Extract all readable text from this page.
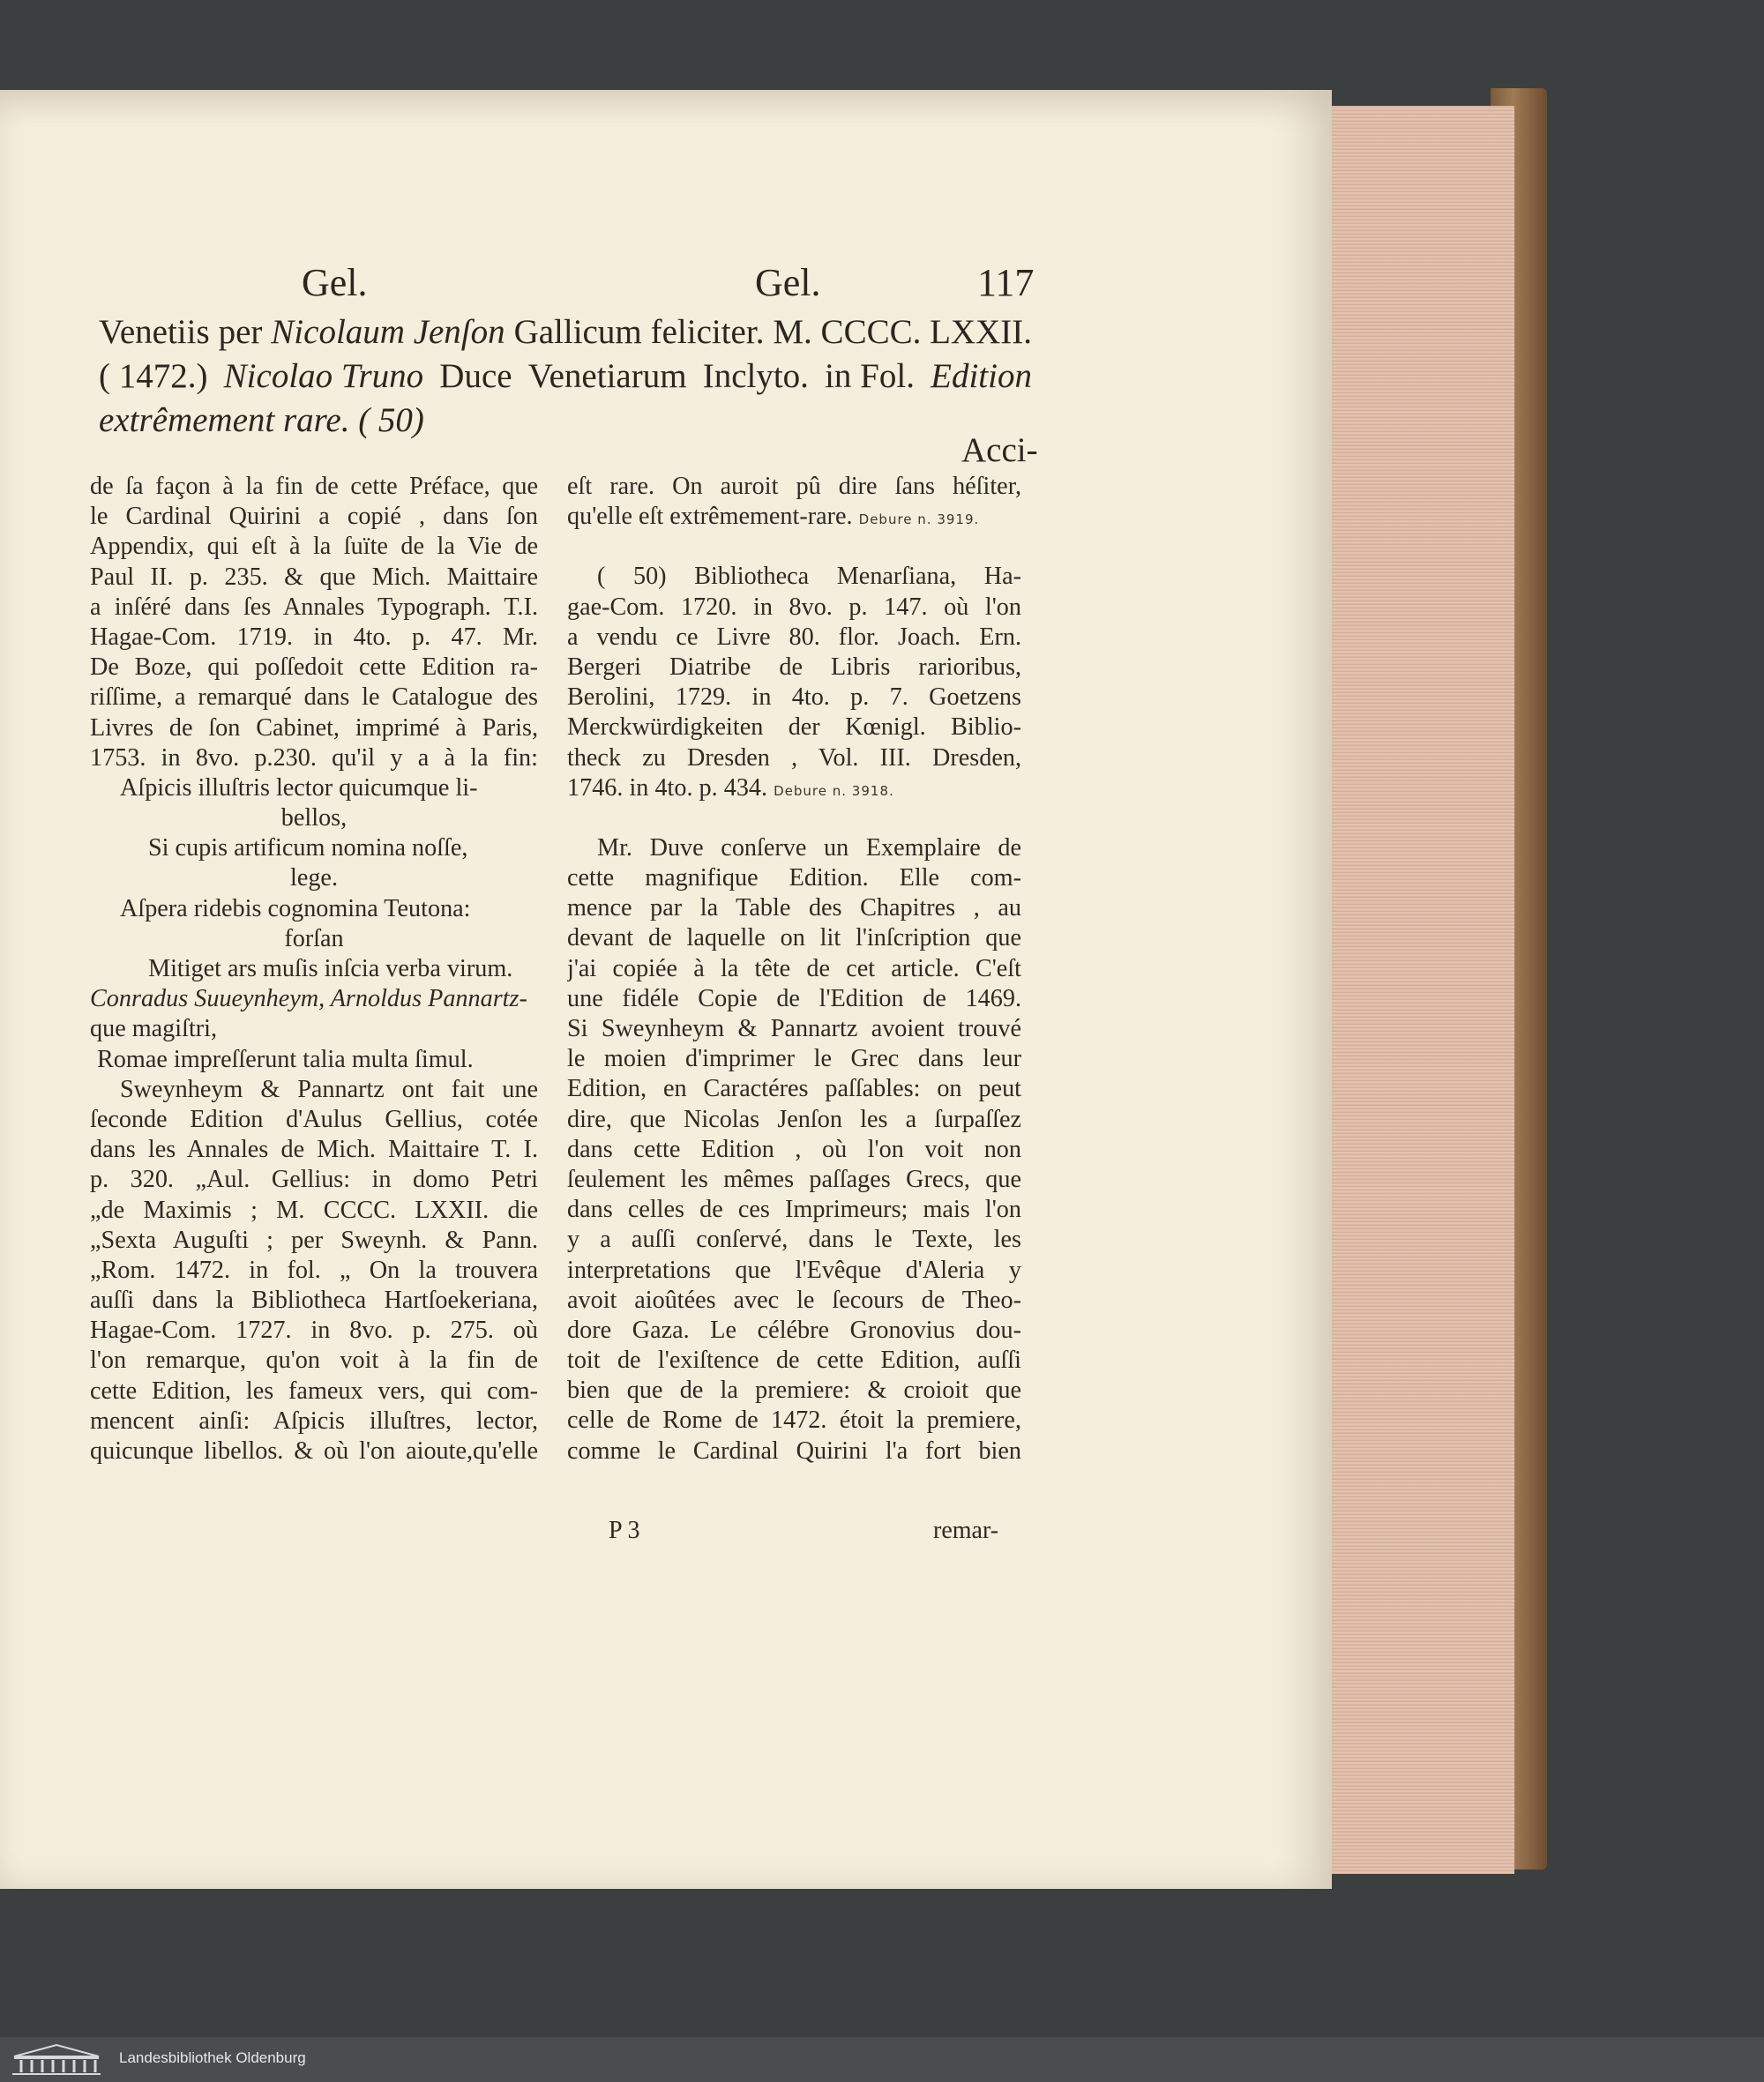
Gel.	Gel.	117
Venetiis per Nicolaum Jenſon Gallicum feliciter. M. CCCC. LXXII.
( 1472.) Nicolao Truno Duce Venetiarum Inclyto. in Fol. Edition
extrêmement rare. ( 50)
Acci-
de ſa façon à la fin de cette Préface, que
le Cardinal Quirini a copié , dans ſon
Appendix, qui eſt à la ſuïte de la Vie de
Paul II. p. 235. & que Mich. Maittaire
a inſéré dans ſes Annales Typograph. T.I.
Hagae-Com. 1719. in 4to. p. 47. Mr.
De Boze, qui poſſedoit cette Edition ra-
riſſime, a remarqué dans le Catalogue des
Livres de ſon Cabinet, imprimé à Paris,
1753. in 8vo. p.230. qu'il y a à la fin:
Aſpicis illuſtris lector quicumque li-
bellos,
Si cupis artificum nomina noſſe,
lege.
Aſpera ridebis cognomina Teutona:
forſan
Mitiget ars muſis inſcia verba virum.
Conradus Suueynheym, Arnoldus Pannartz-
que magiſtri,
Romae impreſſerunt talia multa ſimul.
Sweynheym & Pannartz ont fait une
ſeconde Edition d'Aulus Gellius, cotée
dans les Annales de Mich. Maittaire T. I.
p. 320. „Aul. Gellius: in domo Petri
„de Maximis ; M. CCCC. LXXII. die
„Sexta Auguſti ; per Sweynh. & Pann.
„Rom. 1472. in fol. „ On la trouvera
auſſi dans la Bibliotheca Hartſoekeriana,
Hagae-Com. 1727. in 8vo. p. 275. où
l'on remarque, qu'on voit à la fin de
cette Edition, les fameux vers, qui com-
mencent ainſi: Aſpicis illuſtres, lector,
quicunque libellos. & où l'on aioute,qu'elle
eſt rare. On auroit pû dire ſans héſiter,
qu'elle eſt extrêmement-rare. Debure n. 3919.
( 50) Bibliotheca Menarſiana, Ha-
gae-Com. 1720. in 8vo. p. 147. où l'on
a vendu ce Livre 80. flor. Joach. Ern.
Bergeri Diatribe de Libris rarioribus,
Berolini, 1729. in 4to. p. 7. Goetzens
Merckwürdigkeiten der Kœnigl. Biblio-
theck zu Dresden , Vol. III. Dresden,
1746. in 4to. p. 434. Debure n. 3918.
Mr. Duve conſerve un Exemplaire de
cette magnifique Edition. Elle com-
mence par la Table des Chapitres , au
devant de laquelle on lit l'inſcription que
j'ai copiée à la tête de cet article. C'eſt
une fidéle Copie de l'Edition de 1469.
Si Sweynheym & Pannartz avoient trouvé
le moien d'imprimer le Grec dans leur
Edition, en Caractéres paſſables: on peut
dire, que Nicolas Jenſon les a ſurpaſſez
dans cette Edition , où l'on voit non
ſeulement les mêmes paſſages Grecs, que
dans celles de ces Imprimeurs; mais l'on
y a auſſi conſervé, dans le Texte, les
interpretations que l'Evêque d'Aleria y
avoit aioûtées avec le ſecours de Theo-
dore Gaza. Le célébre Gronovius dou-
toit de l'exiſtence de cette Edition, auſſi
bien que de la premiere: & croioit que
celle de Rome de 1472. étoit la premiere,
comme le Cardinal Quirini l'a fort bien
P 3	remar-
Landesbibliothek Oldenburg
